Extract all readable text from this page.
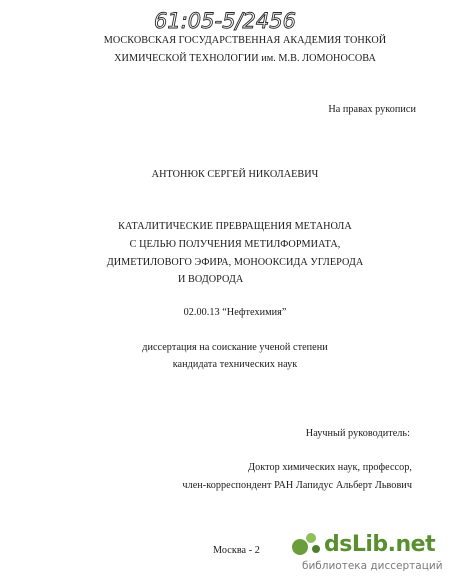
61:05-5/2456
МОСКОВСКАЯ ГОСУДАРСТВЕННАЯ АКАДЕМИЯ ТОНКОЙ
ХИМИЧЕСКОЙ ТЕХНОЛОГИИ им. М.В. ЛОМОНОСОВА
На правах рукописи
АНТОНЮК СЕРГЕЙ НИКОЛАЕВИЧ
КАТАЛИТИЧЕСКИЕ ПРЕВРАЩЕНИЯ МЕТАНОЛА
С ЦЕЛЬЮ ПОЛУЧЕНИЯ МЕТИЛФОРМИАТА,
ДИМЕТИЛОВОГО ЭФИРА, МОНООКСИДА УГЛЕРОДА
И ВОДОРОДА
02.00.13 “Нефтехимия”
диссертация на соискание ученой степени
кандидата технических наук
Научный руководитель:
Доктор химических наук, профессор,
член-корреспондент РАН Лапидус Альберт Львович
Москва - 2	dsLib.net
библиотека диссертаций
